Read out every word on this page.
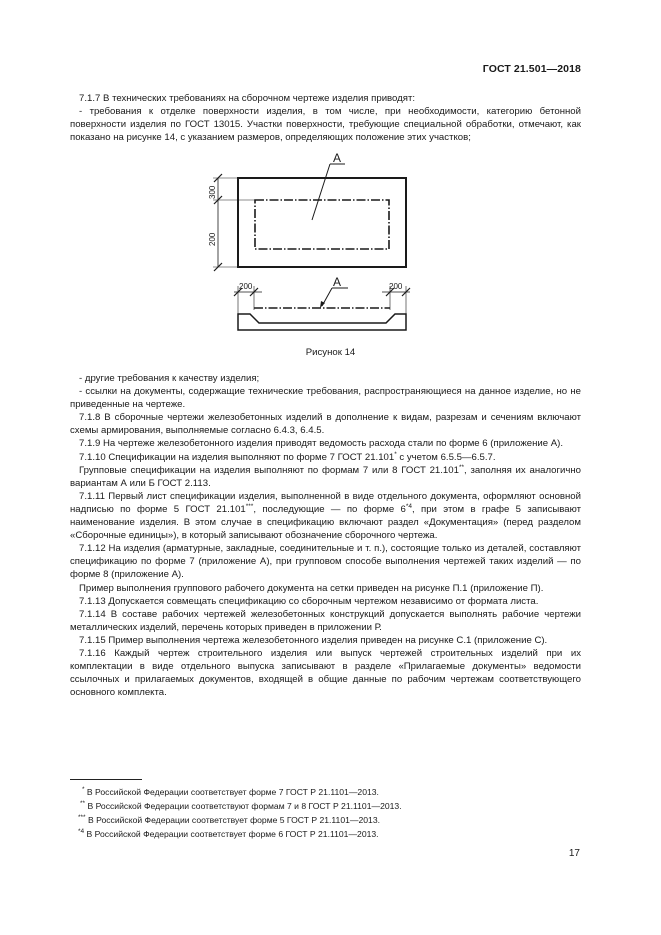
ГОСТ 21.501—2018

7.1.7 В технических требованиях на сборочном чертеже изделия приводят:

- требования к отделке поверхности изделия, в том числе, при необходимости, категорию бетонной поверхности изделия по ГОСТ 13015. Участки поверхности, требующие специальной обработки, отмечают, как показано на рисунке 14, с указанием размеров, определяющих положение этих участков;

А
А
300
200
200	200
Рисунок 14

- другие требования к качеству изделия;

- ссылки на документы, содержащие технические требования, распространяющиеся на данное изделие, но не приведенные на чертеже.

7.1.8 В сборочные чертежи железобетонных изделий в дополнение к видам, разрезам и сечениям включают схемы армирования, выполняемые согласно 6.4.3, 6.4.5.

7.1.9 На чертеже железобетонного изделия приводят ведомость расхода стали по форме 6 (приложение А).

7.1.10 Спецификации на изделия выполняют по форме 7 ГОСТ 21.101* с учетом 6.5.5—6.5.7.

Групповые спецификации на изделия выполняют по формам 7 или 8 ГОСТ 21.101**, заполняя их аналогично вариантам А или Б ГОСТ 2.113.

7.1.11 Первый лист спецификации изделия, выполненной в виде отдельного документа, оформляют основной надписью по форме 5 ГОСТ 21.101***, последующие — по форме 6$^{*4}$, при этом в графе 5 записывают наименование изделия. В этом случае в спецификацию включают раздел «Документация» (перед разделом «Сборочные единицы»), в который записывают обозначение сборочного чертежа.

7.1.12 На изделия (арматурные, закладные, соединительные и т. п.), состоящие только из деталей, составляют спецификацию по форме 7 (приложение А), при групповом способе выполнения чертежей таких изделий — по форме 8 (приложение А).

Пример выполнения группового рабочего документа на сетки приведен на рисунке П.1 (приложение П).

7.1.13 Допускается совмещать спецификацию со сборочным чертежом независимо от формата листа.

7.1.14 В составе рабочих чертежей железобетонных конструкций допускается выполнять рабочие чертежи металлических изделий, перечень которых приведен в приложении Р.

7.1.15 Пример выполнения чертежа железобетонного изделия приведен на рисунке С.1 (приложение С).

7.1.16 Каждый чертеж строительного изделия или выпуск чертежей строительных изделий при их комплектации в виде отдельного выпуска записывают в разделе «Прилагаемые документы» ведомости ссылочных и прилагаемых документов, входящей в общие данные по рабочим чертежам соответствующего основного комплекта.

* В Российской Федерации соответствует форме 7 ГОСТ Р 21.1101—2013.

** В Российской Федерации соответствуют формам 7 и 8 ГОСТ Р 21.1101—2013.

*** В Российской Федерации соответствует форме 5 ГОСТ Р 21.1101—2013.

$^{*4}$ В Российской Федерации соответствует форме 6 ГОСТ Р 21.1101—2013.

17
